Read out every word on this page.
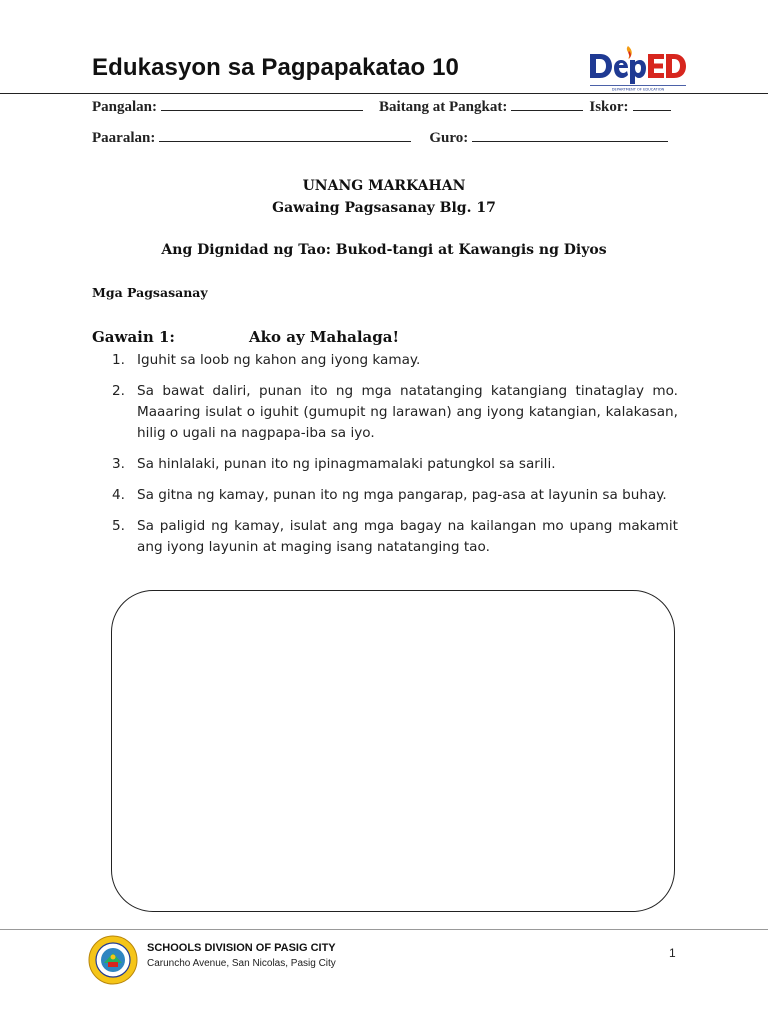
Edukasyon sa Pagpapakatao 10
DEPARTMENT OF EDUCATION
Pangalan:	Baitang at Pangkat:	Iskor:
Paaralan:	Guro:
UNANG MARKAHAN
Gawaing Pagsasanay Blg. 17
Ang Dignidad ng Tao: Bukod-tangi at Kawangis ng Diyos
Mga Pagsasanay
Gawain 1:	Ako ay Mahalaga!
1. Iguhit sa loob ng kahon ang iyong kamay.
2. Sa bawat daliri, punan ito ng mga natatanging katangiang tinataglay mo. Maaaring isulat o iguhit (gumupit ng larawan) ang iyong katangian, kalakasan, hilig o ugali na nagpapa-iba sa iyo.
3. Sa hinlalaki, punan ito ng ipinagmamalaki patungkol sa sarili.
4. Sa gitna ng kamay, punan ito ng mga pangarap, pag-asa at layunin sa buhay.
5. Sa paligid ng kamay, isulat ang mga bagay na kailangan mo upang makamit ang iyong layunin at maging isang natatanging tao.
SCHOOLS DIVISION OF PASIG CITY
Caruncho Avenue, San Nicolas, Pasig City
1
